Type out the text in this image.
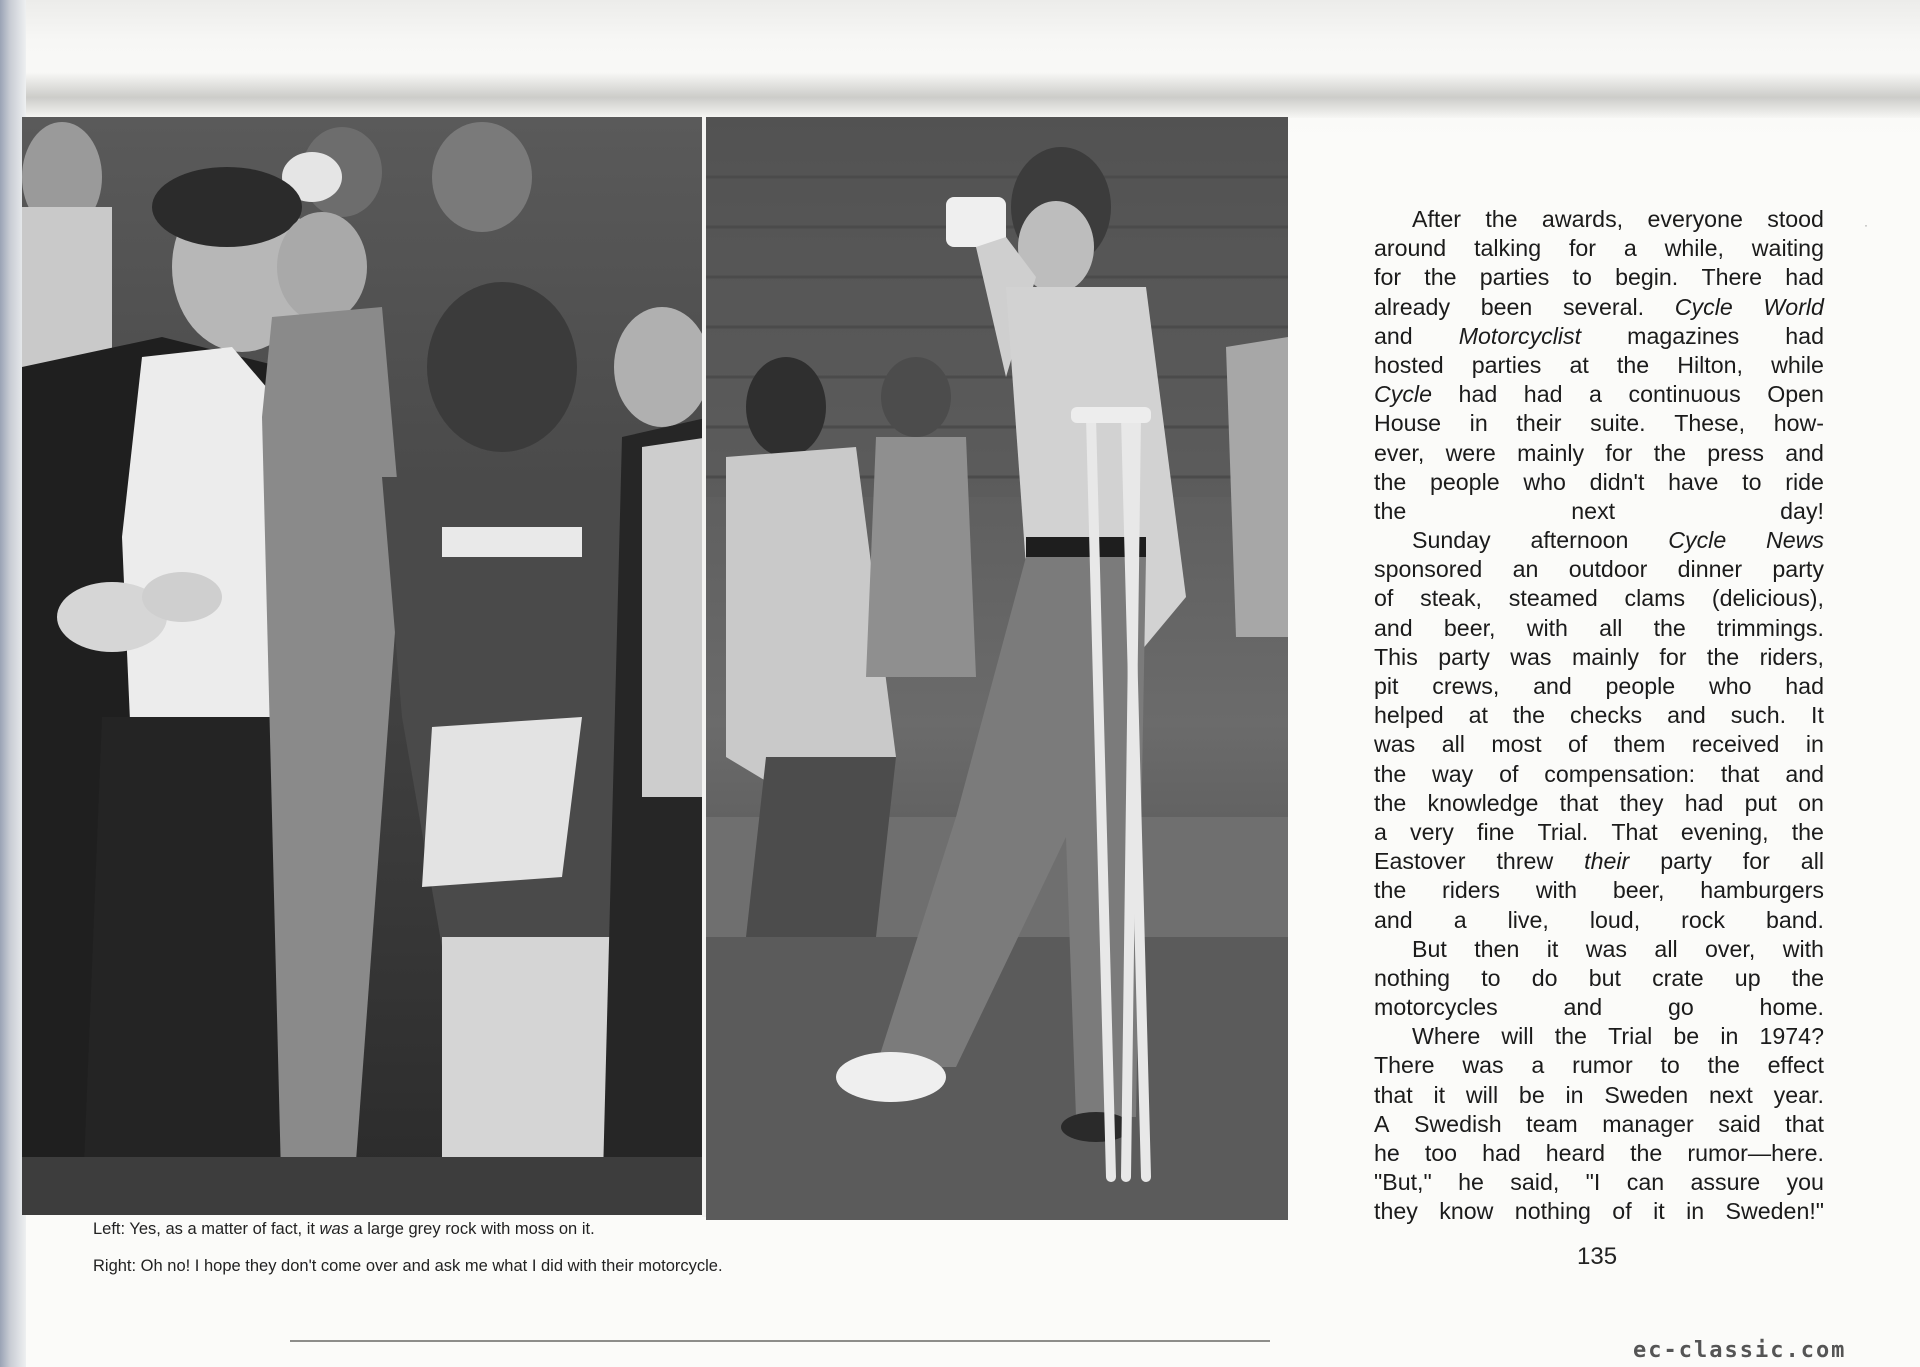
Left: Yes, as a matter of fact, it was a large grey rock with moss on it.
Right: Oh no! I hope they don't come over and ask me what I did with their motorcycle.
After the awards, everyone stood
around talking for a while, waiting
for the parties to begin. There had
already been several. Cycle World
and Motorcyclist magazines had
hosted parties at the Hilton, while
Cycle had had a continuous Open
House in their suite. These, how-
ever, were mainly for the press and
the people who didn't have to ride
the next day!
Sunday afternoon Cycle News
sponsored an outdoor dinner party
of steak, steamed clams (delicious),
and beer, with all the trimmings.
This party was mainly for the riders,
pit crews, and people who had
helped at the checks and such. It
was all most of them received in
the way of compensation: that and
the knowledge that they had put on
a very fine Trial. That evening, the
Eastover threw their party for all
the riders with beer, hamburgers
and a live, loud, rock band.
But then it was all over, with
nothing to do but crate up the
motorcycles and go home.
Where will the Trial be in 1974?
There was a rumor to the effect
that it will be in Sweden next year.
A Swedish team manager said that
he too had heard the rumor—here.
"But," he said, "I can assure you
they know nothing of it in Sweden!"
135
·
ec-classic.com
